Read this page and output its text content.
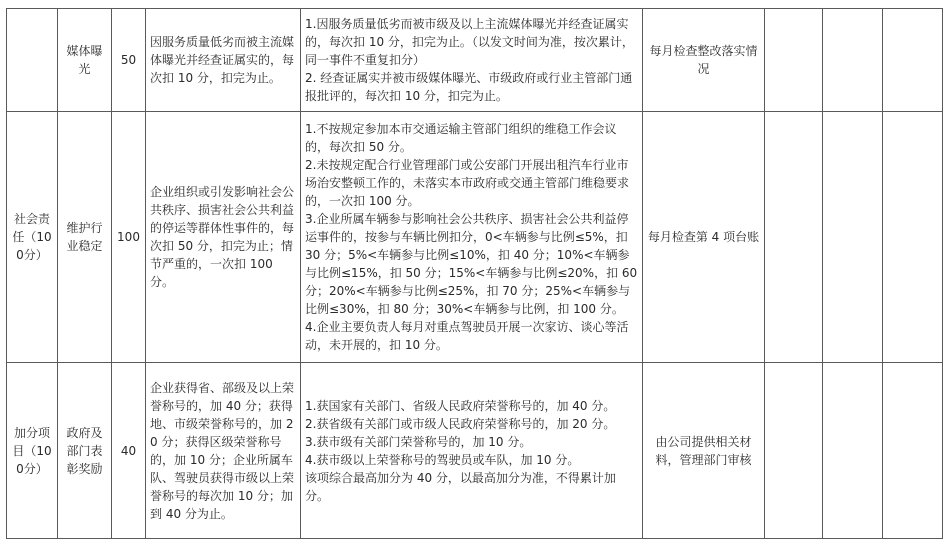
	媒体曝光	50	因服务质量低劣而被主流媒体曝光并经查证属实的，每次扣 10 分，扣完为止。	1.因服务质量低劣而被市级及以上主流媒体曝光并经查证属实的，每次扣 10 分，扣完为止。（以发文时间为准，按次累计，同一事件不重复扣分）
2. 经查证属实并被市级媒体曝光、市级政府或行业主管部门通报批评的，每次扣 10 分，扣完为止。	每月检查整改落实情况			
社会责任（100分）	维护行业稳定	100	企业组织或引发影响社会公共秩序、损害社会公共利益的停运等群体性事件的，每次扣 50 分，扣完为止；情节严重的，一次扣 100 分。	1.不按规定参加本市交通运输主管部门组织的维稳工作会议的，每次扣 50 分。
2.未按规定配合行业管理部门或公安部门开展出租汽车行业市场治安整顿工作的，未落实本市政府或交通主管部门维稳要求的，一次扣 100 分。
3.企业所属车辆参与影响社会公共秩序、损害社会公共利益停运事件的，按参与车辆比例扣分，0<车辆参与比例≤5%，扣 30 分；5%<车辆参与比例≤10%，扣 40 分；10%<车辆参与比例≤15%，扣 50 分；15%<车辆参与比例≤20%，扣 60 分；20%<车辆参与比例≤25%，扣 70 分；25%<车辆参与比例≤30%，扣 80 分；30%<车辆参与比例，扣 100 分。
4.企业主要负责人每月对重点驾驶员开展一次家访、谈心等活动，未开展的，扣 10 分。	每月检查第 4 项台账			
加分项目（100分）	政府及部门表彰奖励	40	企业获得省、部级及以上荣誉称号的，加 40 分；获得地、市级荣誉称号的，加 20 分；获得区级荣誉称号的，加 10 分；企业所属车队、驾驶员获得市级以上荣誉称号的每次加 10 分；加到 40 分为止。	1.获国家有关部门、省级人民政府荣誉称号的，加 40 分。
2.获省级有关部门或市级人民政府荣誉称号的，加 20 分。
3.获市级有关部门荣誉称号的，加 10 分。
4.获市级以上荣誉称号的驾驶员或车队，加 10 分。
该项综合最高加分为 40 分，以最高加分为准，不得累计加分。	由公司提供相关材料，管理部门审核			
